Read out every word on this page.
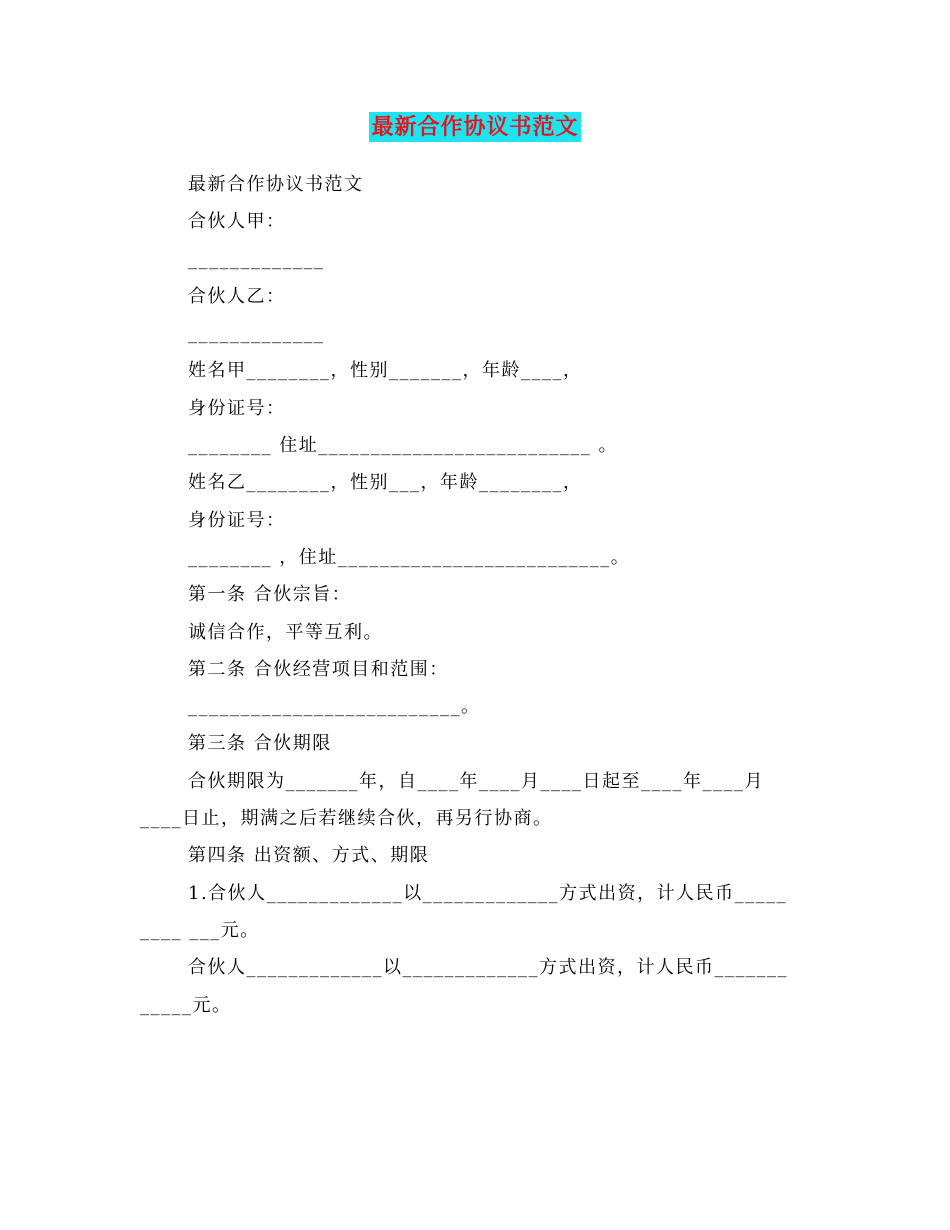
最新合作协议书范文
最新合作协议书范文
合伙人甲：
_____________
合伙人乙：
_____________
姓名甲________，性别_______，年龄____，
身份证号：
________ 住址__________________________ 。
姓名乙________，性别___，年龄________，
身份证号：
________ ，住址__________________________。
第一条 合伙宗旨：
诚信合作，平等互利。
第二条 合伙经营项目和范围：
__________________________。
第三条 合伙期限
合伙期限为_______年，自____年____月____日起至____年____月
____日止，期满之后若继续合伙，再另行协商。
第四条 出资额、方式、期限
1.合伙人_____________以_____________方式出资，计人民币_____
____ ___元。
合伙人_____________以_____________方式出资，计人民币_______
_____元。
